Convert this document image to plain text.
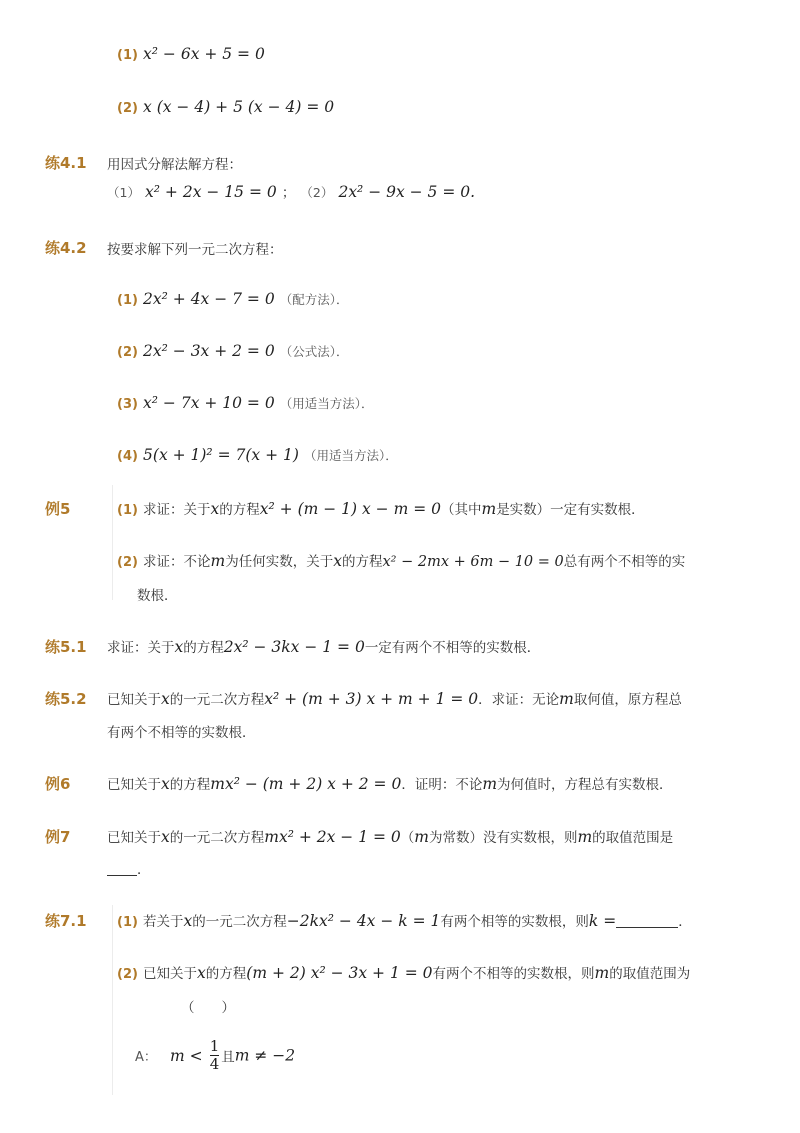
(1) x² − 6x + 5 = 0
(2) x (x − 4) + 5 (x − 4) = 0
练4.1 用因式分解法解方程：
（1） x² + 2x − 15 = 0 ； （2） 2x² − 9x − 5 = 0.
练4.2 按要求解下列一元二次方程：
(1) 2x² + 4x − 7 = 0 （配方法）．
(2) 2x² − 3x + 2 = 0 （公式法）．
(3) x² − 7x + 10 = 0 （用适当方法）．
(4) 5(x + 1)² = 7(x + 1) （用适当方法）．
例5	(1) 求证：关于x的方程x² + (m − 1) x − m = 0（其中m是实数）一定有实数根．
(2) 求证：不论m为任何实数，关于x的方程x² − 2mx + 6m − 10 = 0总有两个不相等的实
数根．
练5.1 求证：关于x的方程2x² − 3kx − 1 = 0一定有两个不相等的实数根．
练5.2 已知关于x的一元二次方程x² + (m + 3) x + m + 1 = 0．求证：无论m取何值，原方程总
有两个不相等的实数根．
例6	已知关于x的方程mx² − (m + 2) x + 2 = 0．证明：不论m为何值时，方程总有实数根．
例7	已知关于x的一元二次方程mx² + 2x − 1 = 0（m为常数）没有实数根，则m的取值范围是
．
练7.1 (1) 若关于x的一元二次方程−2kx² − 4x − k = 1有两个相等的实数根，则k =	．
(2) 已知关于x的方程(m + 2) x² − 3x + 1 = 0有两个不相等的实数根，则m的取值范围为
（　　）
A： $m < \frac{1}{4}$ 且m ≠ −2
